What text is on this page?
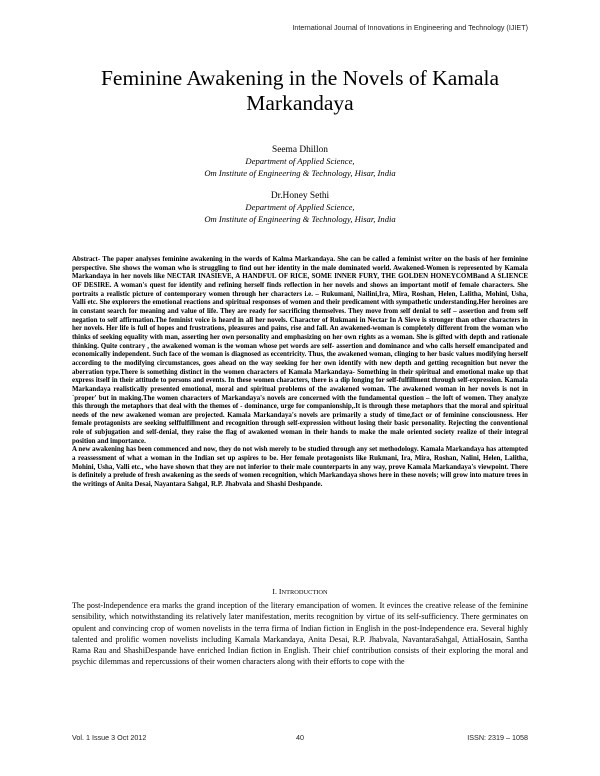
International Journal of Innovations in Engineering and Technology (IJIET)
Feminine Awakening in the Novels of Kamala
Markandaya
Seema Dhillon
Department of Applied Science,
Om Institute of Engineering & Technology, Hisar, India
Dr.Honey Sethi
Department of Applied Science,
Om Institute of Engineering & Technology, Hisar, India

Abstract- The paper analyses feminine awakening in the words of Kalma Markandaya. She can be called a feminist writer on the basis of her feminine perspective. She shows the woman who is struggling to find out her identity in the male dominated world. Awakened-Women is represented by Kamala Markandaya in her novels like NECTAR INASIEVE, A HANDFUL OF RICE, SOME INNER FURY, THE GOLDEN HONEYCOMBand A SLIENCE OF DESIRE. A woman's quest for identify and refining herself finds reflection in her novels and shows an important motif of female characters. She portraits a realistic picture of contemporary women through her characters i.e. – Rukumani, Nailini,Ira, Mira, Roshan, Helen, Lalitha, Mohini, Usha, Valli etc. She explorers the emotional reactions and spiritual responses of women and their predicament with sympathetic understanding.Her heroines are in constant search for meaning and value of life. They are ready for sacrificing themselves. They move from self denial to self – assertion and from self negation to self affirmation.The feminist voice is heard in all her novels. Character of Rukmani in Nectar In A Sieve is stronger than other characters in her novels. Her life is full of hopes and frustrations, pleasures and pains, rise and fall. An awakened-woman is completely different from the woman who thinks of seeking equality with man, asserting her own personality and emphasizing on her own rights as a woman. She is gifted with depth and rationale thinking. Quite contrary , the awakened woman is the woman whose pet words are self- assertion and dominance and who calls herself emancipated and economically independent. Such face of the woman is diagnosed as eccentricity. Thus, the awakened woman, clinging to her basic values modifying herself according to the modifying circumstances, goes ahead on the way seeking for her own identify with new depth and getting recognition but never the aberration type.There is something distinct in the women characters of Kamala Markandaya- Something in their spiritual and emotional make up that express itself in their attitude to persons and events. In these women characters, there is a dip longing for self-fulfillment through self-expression. Kamala Markandaya realistically presented emotional, moral and spiritual problems of the awakened woman. The awakened woman in her novels is not in `proper' but in making.The women characters of Markandaya's novels are concerned with the fundamental question – the loft of women. They analyze this through the metaphors that deal with the themes of - dominance, urge for companionship,.It is through these metaphors that the moral and spiritual needs of the new awakened woman are projected. Kamala Markandaya's novels are primarily a study of time,fact or of feminine consciousness. Her female protagonists are seeking selffulfillment and recognition through self-expression without losing their basic personality. Rejecting the conventional role of subjugation and self-denial, they raise the flag of awakened woman in their hands to make the male oriented society realize of their integral position and importance.

A new awakening has been commenced and now, they do not wish merely to be studied through any set methodology. Kamala Markandaya has attempted a reassessment of what a woman in the Indian set up aspires to be. Her female protagonists like Rukmani, Ira, Mira, Roshan, Nalini, Helen, Lalitha, Mohini, Usha, Valli etc., who have shown that they are not inferior to their male counterparts in any way, prove Kamala Markandaya's viewpoint. There is definitely a prelude of fresh awakening as the seeds of women recognition, which Markandaya shows here in these novels; will grow into mature trees in the writings of Anita Desai, Nayantara Sahgal, R.P. Jhabvala and Shashi Deshpande.

I. INTRODUCTION

The post-Independence era marks the grand inception of the literary emancipation of women. It evinces the creative release of the feminine sensibility, which notwithstanding its relatively later manifestation, merits recognition by virtue of its self-sufficiency. There germinates on opulent and convincing crop of women novelists in the terra firma of Indian fiction in English in the post-Independence era. Several highly talented and prolific women novelists including Kamala Markandaya, Anita Desai, R.P. Jhabvala, NavantaraSahgal, AttiaHosain, Santha Rama Rau and ShashiDespande have enriched Indian fiction in English. Their chief contribution consists of their exploring the moral and psychic dilemmas and repercussions of their women characters along with their efforts to cope with the

Vol. 1 Issue 3 Oct 2012	40	ISSN: 2319 – 1058
